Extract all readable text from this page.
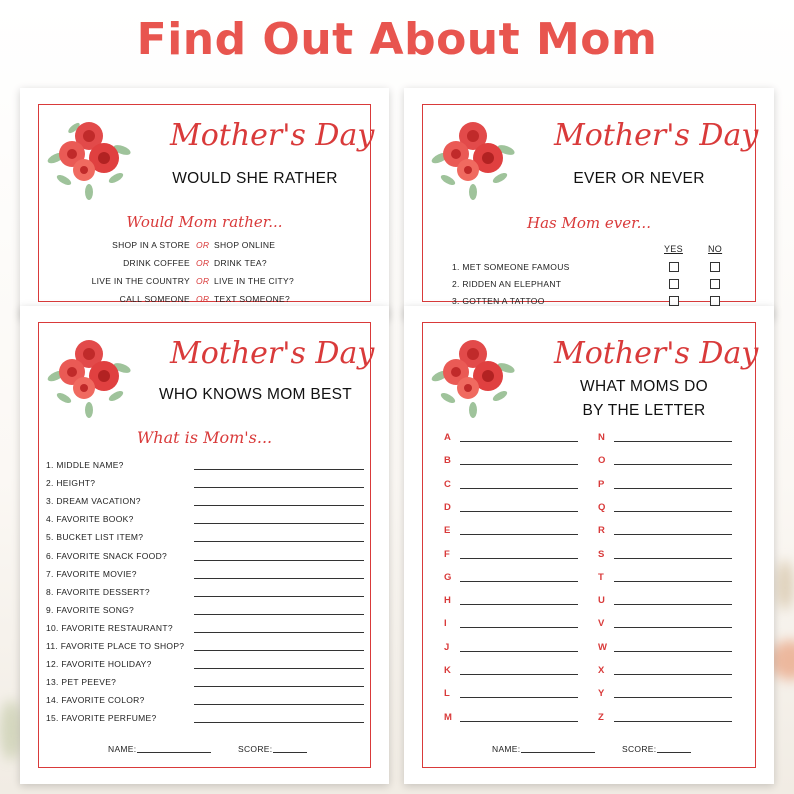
Find Out About Mom
Mother's Day
WOULD SHE RATHER
Would Mom rather...
SHOP IN A STORE OR SHOP ONLINE
DRINK COFFEE OR DRINK TEA?
LIVE IN THE COUNTRY OR LIVE IN THE CITY?
CALL SOMEONE OR TEXT SOMEONE?
Mother's Day
EVER OR NEVER
Has Mom ever...
YES	NO
1. MET SOMEONE FAMOUS
2. RIDDEN AN ELEPHANT
3. GOTTEN A TATTOO
Mother's Day
WHO KNOWS MOM BEST
What is Mom's...
1. MIDDLE NAME?
2. HEIGHT?
3. DREAM VACATION?
4. FAVORITE BOOK?
5. BUCKET LIST ITEM?
6. FAVORITE SNACK FOOD?
7. FAVORITE MOVIE?
8. FAVORITE DESSERT?
9. FAVORITE SONG?
10. FAVORITE RESTAURANT?
11. FAVORITE PLACE TO SHOP?
12. FAVORITE HOLIDAY?
13. PET PEEVE?
14. FAVORITE COLOR?
15. FAVORITE PERFUME?
NAME:	SCORE:
Mother's Day
WHAT MOMS DO
BY THE LETTER
A	N
B	O
C	P
D	Q
E	R
F	S
G	T
H	U
I	V
J	W
K	X
L	Y
M	Z
NAME:	SCORE:
